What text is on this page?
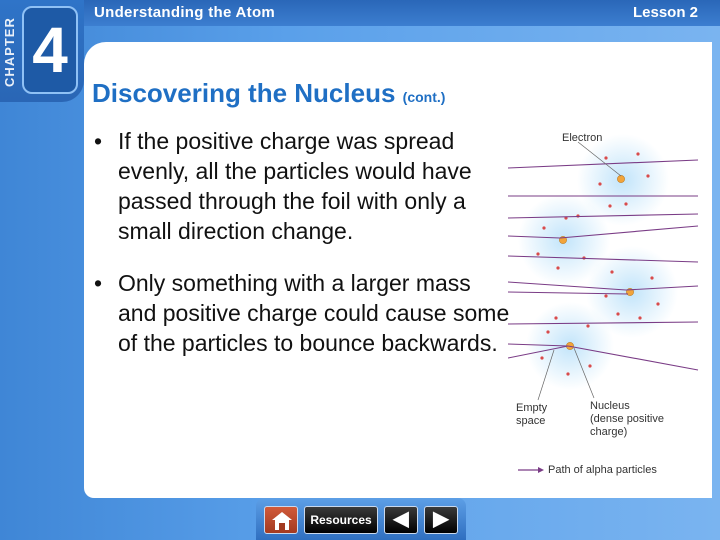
CHAPTER 4
Understanding the Atom	Lesson 2
Discovering the Nucleus (cont.)
• If the positive charge was spread evenly, all the particles would have passed through the foil with only a small direction change.
• Only something with a larger mass and positive charge could cause some of the particles to bounce backwards.
Electron
Empty
space
Nucleus
(dense positive
charge)
Path of alpha particles
Resources	◀	▶
